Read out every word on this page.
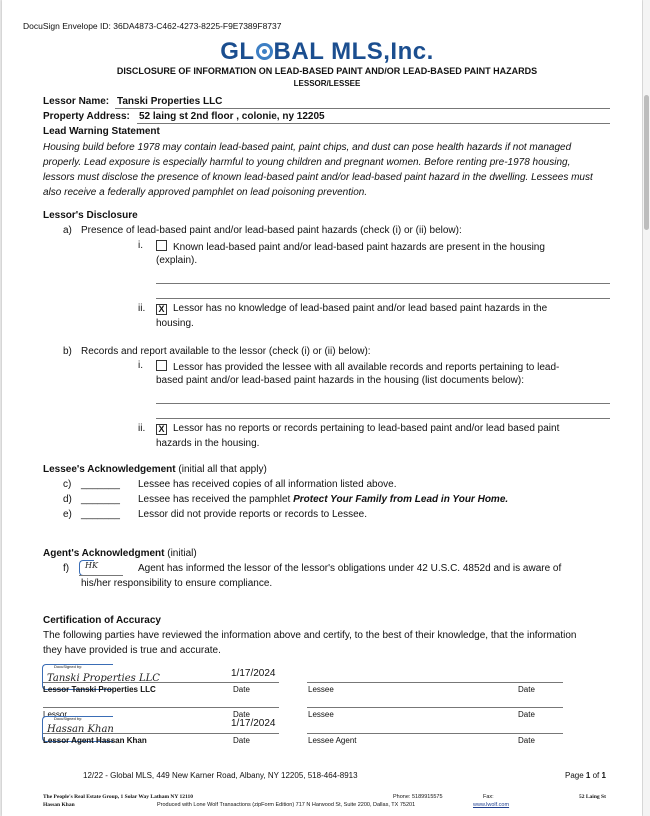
DocuSign Envelope ID: 36DA4873-C462-4273-8225-F9E7389F8737
GL BAL MLS,Inc.
DISCLOSURE OF INFORMATION ON LEAD-BASED PAINT AND/OR LEAD-BASED PAINT HAZARDS
LESSOR/LESSEE
Lessor Name: Tanski Properties LLC
Property Address: 52 laing st 2nd floor , colonie, ny 12205
Lead Warning Statement
Housing build before 1978 may contain lead-based paint, paint chips, and dust can pose health hazards if not managed properly. Lead exposure is especially harmful to young children and pregnant women. Before renting pre-1978 housing, lessors must disclose the presence of known lead-based paint and/or lead-based paint hazard in the dwelling. Lessees must also receive a federally approved pamphlet on lead poisoning prevention.
Lessor's Disclosure
a) Presence of lead-based paint and/or lead-based paint hazards (check (i) or (ii) below):
i.	Known lead-based paint and/or lead-based paint hazards are present in the housing
(explain).
ii. X Lessor has no knowledge of lead-based paint and/or lead based paint hazards in the
housing.
b) Records and report available to the lessor (check (i) or (ii) below):
i.	Lessor has provided the lessee with all available records and reports pertaining to lead-
based paint and/or lead-based paint hazards in the housing (list documents below):
ii. X Lessor has no reports or records pertaining to lead-based paint and/or lead based paint
hazards in the housing.
Lessee's Acknowledgement (initial all that apply)
c) _______ Lessee has received copies of all information listed above.
d) _______ Lessee has received the pamphlet Protect Your Family from Lead in Your Home.
e) _______ Lessor did not provide reports or records to Lessee.
Agent's Acknowledgment (initial)
f) HK	Agent has informed the lessor of the lessor's obligations under 42 U.S.C. 4852d and is aware of
his/her responsibility to ensure compliance.
Certification of Accuracy
The following parties have reviewed the information above and certify, to the best of their knowledge, that the information
they have provided is true and accurate.
DocuSigned by:
Tanski Properties LLC	1/17/2024
Lessor Tanski Properties LLC	Date	Lessee	Date
Lessor	Date	Lessee	Date
DocuSigned by:
Hassan Khan
1/17/2024
Lessor Agent Hassan Khan	Date	Lessee Agent	Date
12/22 - Global MLS, 449 New Karner Road, Albany, NY 12205, 518-464-8913	Page 1 of 1
The People's Real Estate Group, 1 Solar Way Latham NY 12110	Phone: 5189915575	Fax:	52 Laing St
Hassan Khan	Produced with Lone Wolf Transactions (zipForm Edition) 717 N Harwood St, Suite 2200, Dallas, TX 75201	www.lwolf.com
